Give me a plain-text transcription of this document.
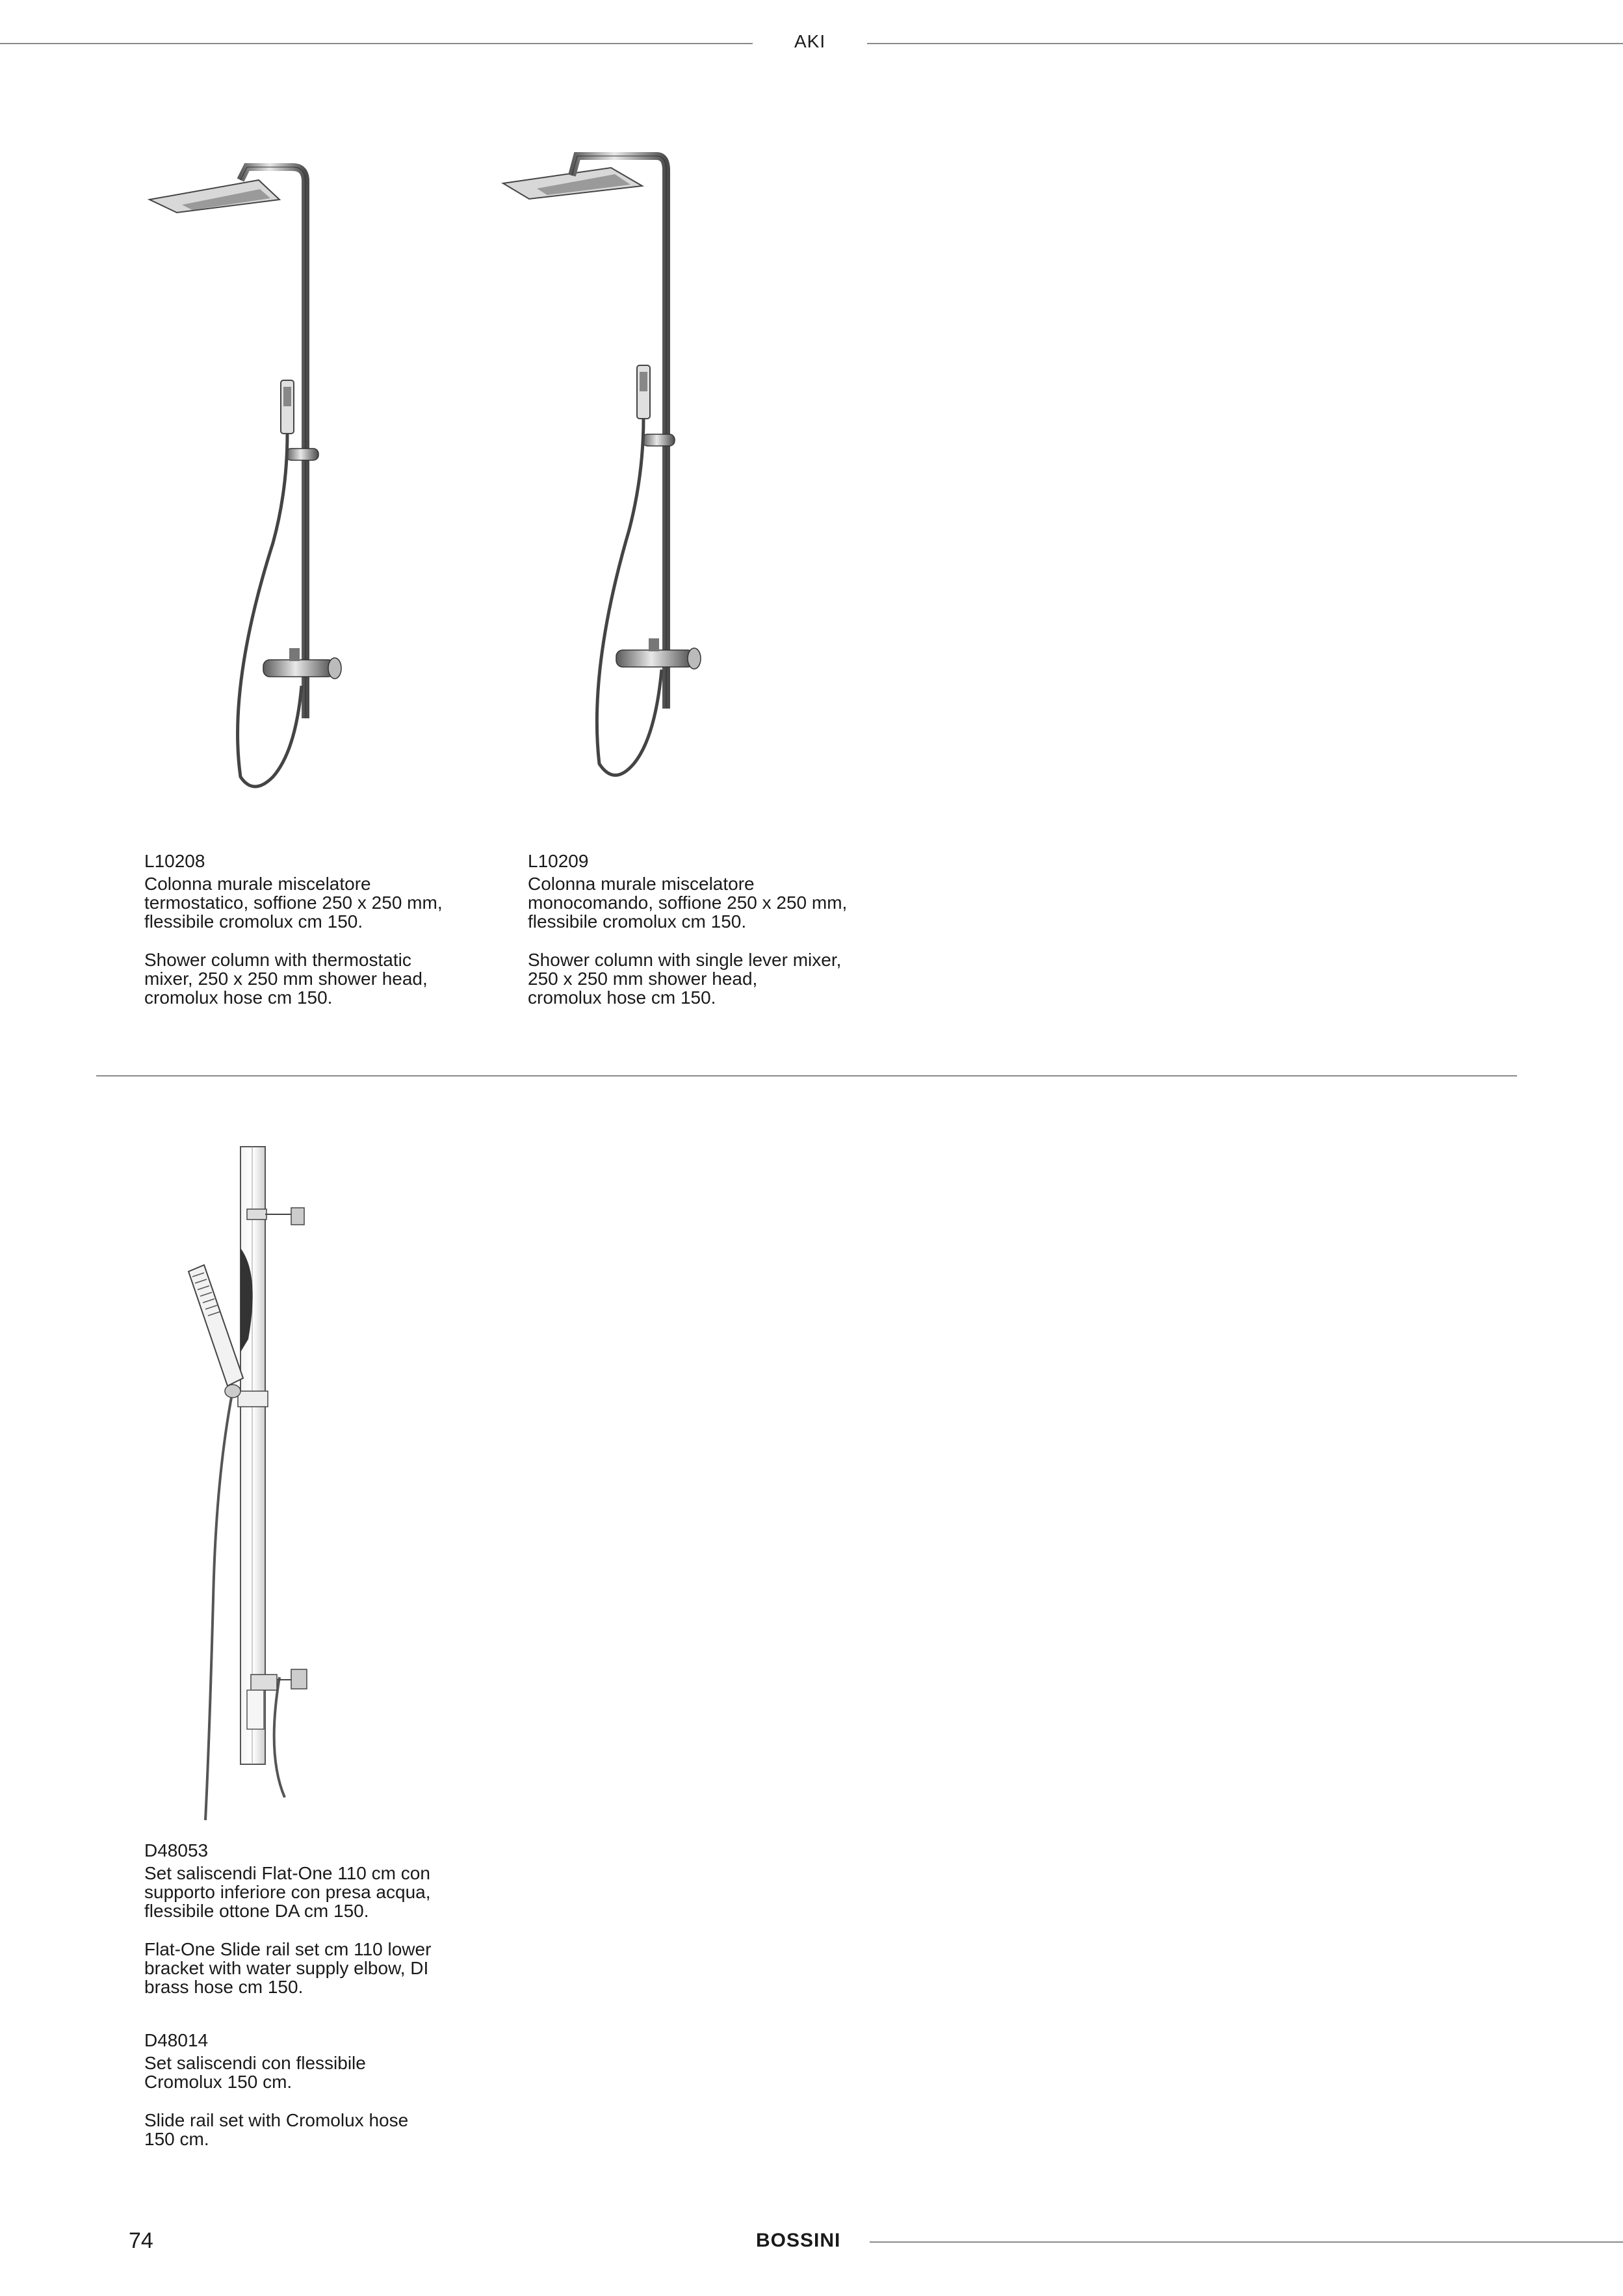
AKI
L10208
Colonna murale miscelatore
termostatico, soffione 250 x 250 mm,
flessibile cromolux cm 150.
Shower column with thermostatic
mixer, 250 x 250 mm shower head,
cromolux hose cm 150.
L10209
Colonna murale miscelatore
monocomando, soffione 250 x 250 mm,
flessibile cromolux cm 150.
Shower column with single lever mixer,
250 x 250 mm shower head,
cromolux hose cm 150.
D48053
Set saliscendi Flat-One 110 cm con
supporto inferiore con presa acqua,
flessibile ottone DA cm 150.
Flat-One Slide rail set cm 110 lower
bracket with water supply elbow, DI
brass hose cm 150.
D48014
Set saliscendi con flessibile
Cromolux 150 cm.
Slide rail set with Cromolux hose
150 cm.
74	BOSSINI
